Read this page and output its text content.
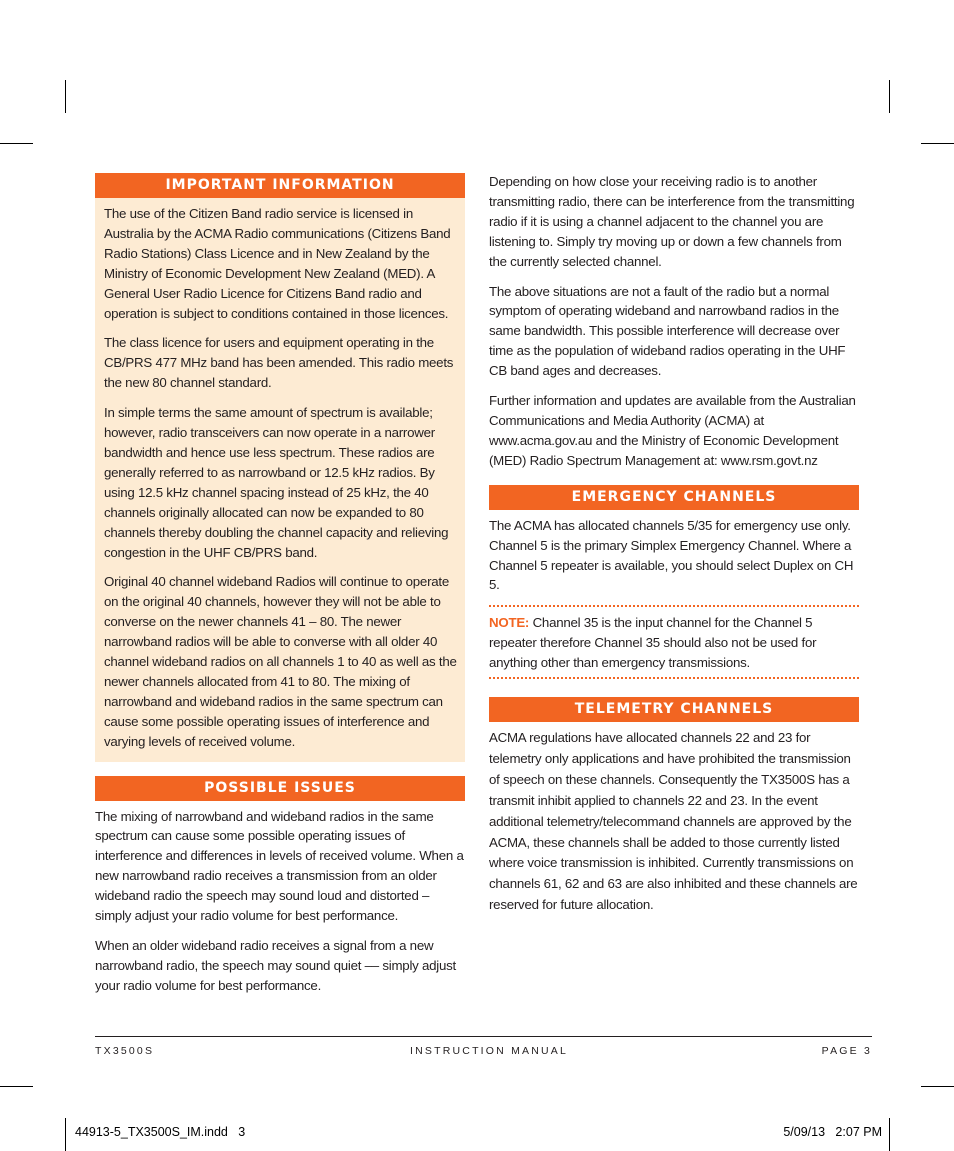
IMPORTANT INFORMATION

The use of the Citizen Band radio service is licensed in Australia by the ACMA Radio communications (Citizens Band Radio Stations) Class Licence and in New Zealand by the Ministry of Economic Development New Zealand (MED). A General User Radio Licence for Citizens Band radio and operation is subject to conditions contained in those licences.

The class licence for users and equipment operating in the CB/PRS 477 MHz band has been amended. This radio meets the new 80 channel standard.

In simple terms the same amount of spectrum is available; however, radio transceivers can now operate in a narrower bandwidth and hence use less spectrum. These radios are generally referred to as narrowband or 12.5 kHz radios. By using 12.5 kHz channel spacing instead of 25 kHz, the 40 channels originally allocated can now be expanded to 80 channels thereby doubling the channel capacity and relieving congestion in the UHF CB/PRS band.

Original 40 channel wideband Radios will continue to operate on the original 40 channels, however they will not be able to converse on the newer channels 41 – 80. The newer narrowband radios will be able to converse with all older 40 channel wideband radios on all channels 1 to 40 as well as the newer channels allocated from 41 to 80. The mixing of narrowband and wideband radios in the same spectrum can cause some possible operating issues of interference and varying levels of received volume.

POSSIBLE ISSUES

The mixing of narrowband and wideband radios in the same spectrum can cause some possible operating issues of interference and differences in levels of received volume. When a new narrowband radio receives a transmission from an older wideband radio the speech may sound loud and distorted – simply adjust your radio volume for best performance.

When an older wideband radio receives a signal from a new narrowband radio, the speech may sound quiet –– simply adjust your radio volume for best performance.

Depending on how close your receiving radio is to another transmitting radio, there can be interference from the transmitting radio if it is using a channel adjacent to the channel you are listening to. Simply try moving up or down a few channels from the currently selected channel.

The above situations are not a fault of the radio but a normal symptom of operating wideband and narrowband radios in the same bandwidth. This possible interference will decrease over time as the population of wideband radios operating in the UHF CB band ages and decreases.

Further information and updates are available from the Australian Communications and Media Authority (ACMA) at www.acma.gov.au and the Ministry of Economic Development (MED) Radio Spectrum Management at: www.rsm.govt.nz

EMERGENCY CHANNELS

The ACMA has allocated channels 5/35 for emergency use only. Channel 5 is the primary Simplex Emergency Channel. Where a Channel 5 repeater is available, you should select Duplex on CH 5.

NOTE: Channel 35 is the input channel for the Channel 5 repeater therefore Channel 35 should also not be used for anything other than emergency transmissions.

TELEMETRY CHANNELS

ACMA regulations have allocated channels 22 and 23 for telemetry only applications and have prohibited the transmission of speech on these channels. Consequently the TX3500S has a transmit inhibit applied to channels 22 and 23. In the event additional telemetry/telecommand channels are approved by the ACMA, these channels shall be added to those currently listed where voice transmission is inhibited. Currently transmissions on channels 61, 62 and 63 are also inhibited and these channels are reserved for future allocation.

TX3500S	INSTRUCTION MANUAL	PAGE 3
44913-5_TX3500S_IM.indd   3	5/09/13   2:07 PM
